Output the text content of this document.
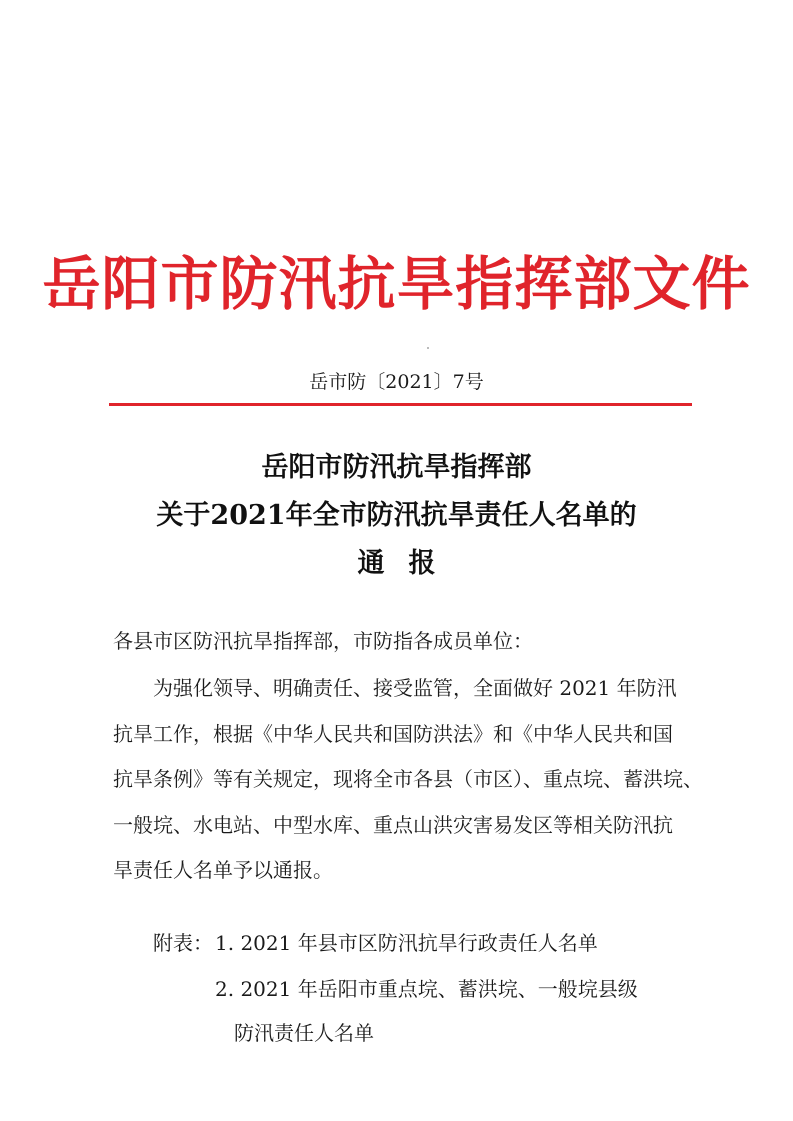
岳阳市防汛抗旱指挥部文件
岳市防〔2021〕7号
岳阳市防汛抗旱指挥部
关于2021年全市防汛抗旱责任人名单的
通 报
各县市区防汛抗旱指挥部，市防指各成员单位：
为强化领导、明确责任、接受监管，全面做好 2021 年防汛
抗旱工作，根据《中华人民共和国防洪法》和《中华人民共和国
抗旱条例》等有关规定，现将全市各县（市区）、重点垸、蓄洪垸、
一般垸、水电站、中型水库、重点山洪灾害易发区等相关防汛抗
旱责任人名单予以通报。
附表： 1. 2021 年县市区防汛抗旱行政责任人名单
2. 2021 年岳阳市重点垸、蓄洪垸、一般垸县级
防汛责任人名单
